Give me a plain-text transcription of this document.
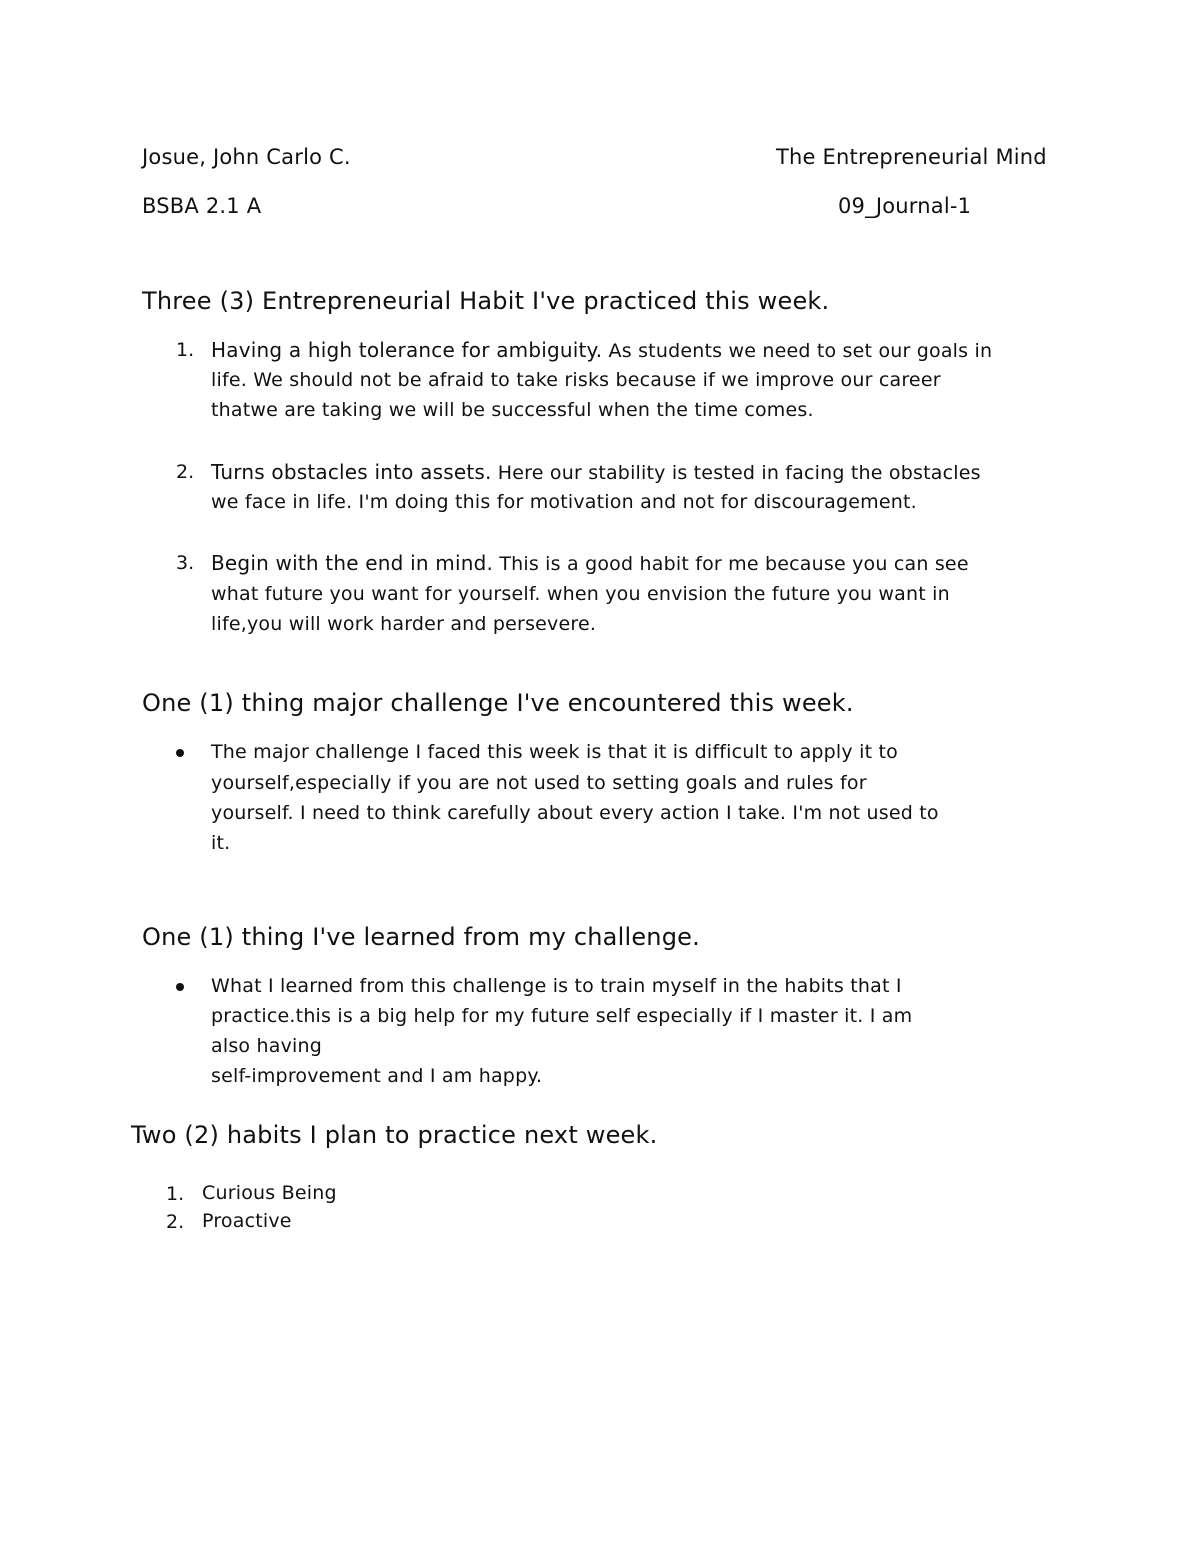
Josue, John Carlo C.	The Entrepreneurial Mind
BSBA 2.1 A	09_Journal-1
Three (3) Entrepreneurial Habit I've practiced this week.
1. Having a high tolerance for ambiguity. As students we need to set our goals in
life. We should not be afraid to take risks because if we improve our career
thatwe are taking we will be successful when the time comes.
2. Turns obstacles into assets. Here our stability is tested in facing the obstacles
we face in life. I'm doing this for motivation and not for discouragement.
3. Begin with the end in mind. This is a good habit for me because you can see
what future you want for yourself. when you envision the future you want in
life,you will work harder and persevere.
One (1) thing major challenge I've encountered this week.
The major challenge I faced this week is that it is difficult to apply it to
yourself,especially if you are not used to setting goals and rules for
yourself. I need to think carefully about every action I take. I'm not used to
it.
One (1) thing I've learned from my challenge.
What I learned from this challenge is to train myself in the habits that I
practice.this is a big help for my future self especially if I master it. I am
also having
self-improvement and I am happy.
Two (2) habits I plan to practice next week.
1. Curious Being
2. Proactive
